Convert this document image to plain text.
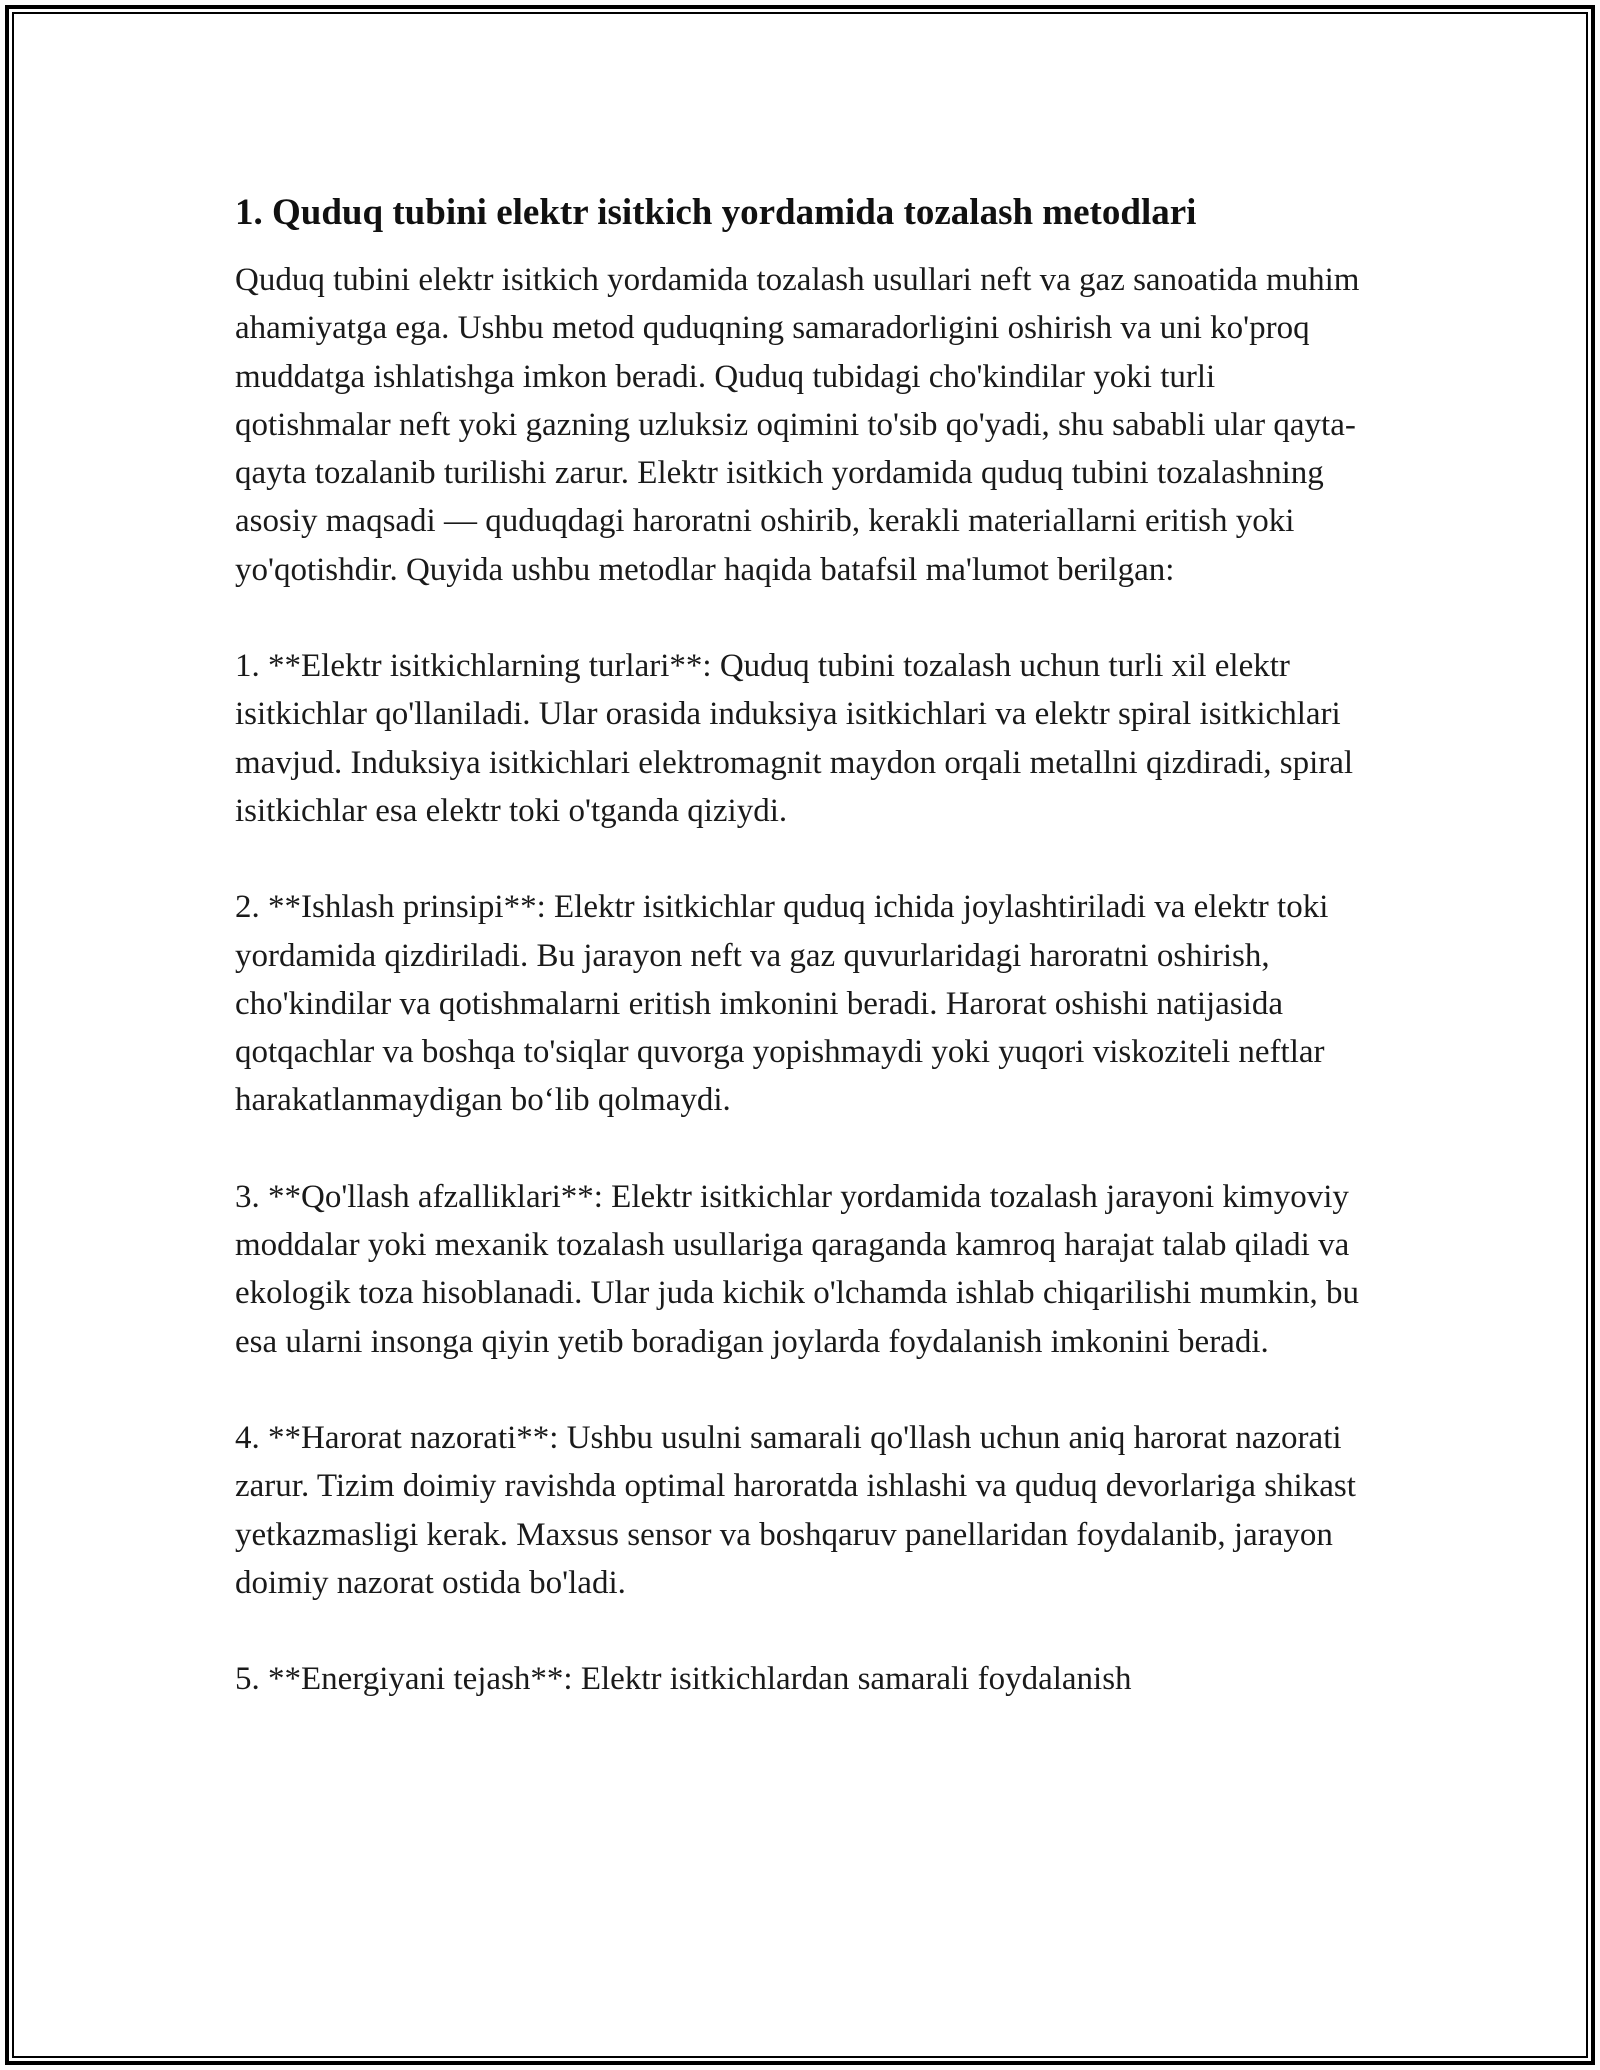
1. Quduq tubini elektr isitkich yordamida tozalash metodlari

Quduq tubini elektr isitkich yordamida tozalash usullari neft va gaz sanoatida muhim ahamiyatga ega. Ushbu metod quduqning samaradorligini oshirish va uni ko'proq muddatga ishlatishga imkon beradi. Quduq tubidagi cho'kindilar yoki turli qotishmalar neft yoki gazning uzluksiz oqimini to'sib qo'yadi, shu sababli ular qayta-qayta tozalanib turilishi zarur. Elektr isitkich yordamida quduq tubini tozalashning asosiy maqsadi — quduqdagi haroratni oshirib, kerakli materiallarni eritish yoki yo'qotishdir. Quyida ushbu metodlar haqida batafsil ma'lumot berilgan:

1. **Elektr isitkichlarning turlari**: Quduq tubini tozalash uchun turli xil elektr isitkichlar qo'llaniladi. Ular orasida induksiya isitkichlari va elektr spiral isitkichlari mavjud. Induksiya isitkichlari elektromagnit maydon orqali metallni qizdiradi, spiral isitkichlar esa elektr toki o'tganda qiziydi.

2. **Ishlash prinsipi**: Elektr isitkichlar quduq ichida joylashtiriladi va elektr toki yordamida qizdiriladi. Bu jarayon neft va gaz quvurlaridagi haroratni oshirish, cho'kindilar va qotishmalarni eritish imkonini beradi. Harorat oshishi natijasida qotqachlar va boshqa to'siqlar quvorga yopishmaydi yoki yuqori viskoziteli neftlar harakatlanmaydigan bo‘lib qolmaydi.

3. **Qo'llash afzalliklari**: Elektr isitkichlar yordamida tozalash jarayoni kimyoviy moddalar yoki mexanik tozalash usullariga qaraganda kamroq harajat talab qiladi va ekologik toza hisoblanadi. Ular juda kichik o'lchamda ishlab chiqarilishi mumkin, bu esa ularni insonga qiyin yetib boradigan joylarda foydalanish imkonini beradi.

4. **Harorat nazorati**: Ushbu usulni samarali qo'llash uchun aniq harorat nazorati zarur. Tizim doimiy ravishda optimal haroratda ishlashi va quduq devorlariga shikast yetkazmasligi kerak. Maxsus sensor va boshqaruv panellaridan foydalanib, jarayon doimiy nazorat ostida bo'ladi.

5. **Energiyani tejash**: Elektr isitkichlardan samarali foydalanish
